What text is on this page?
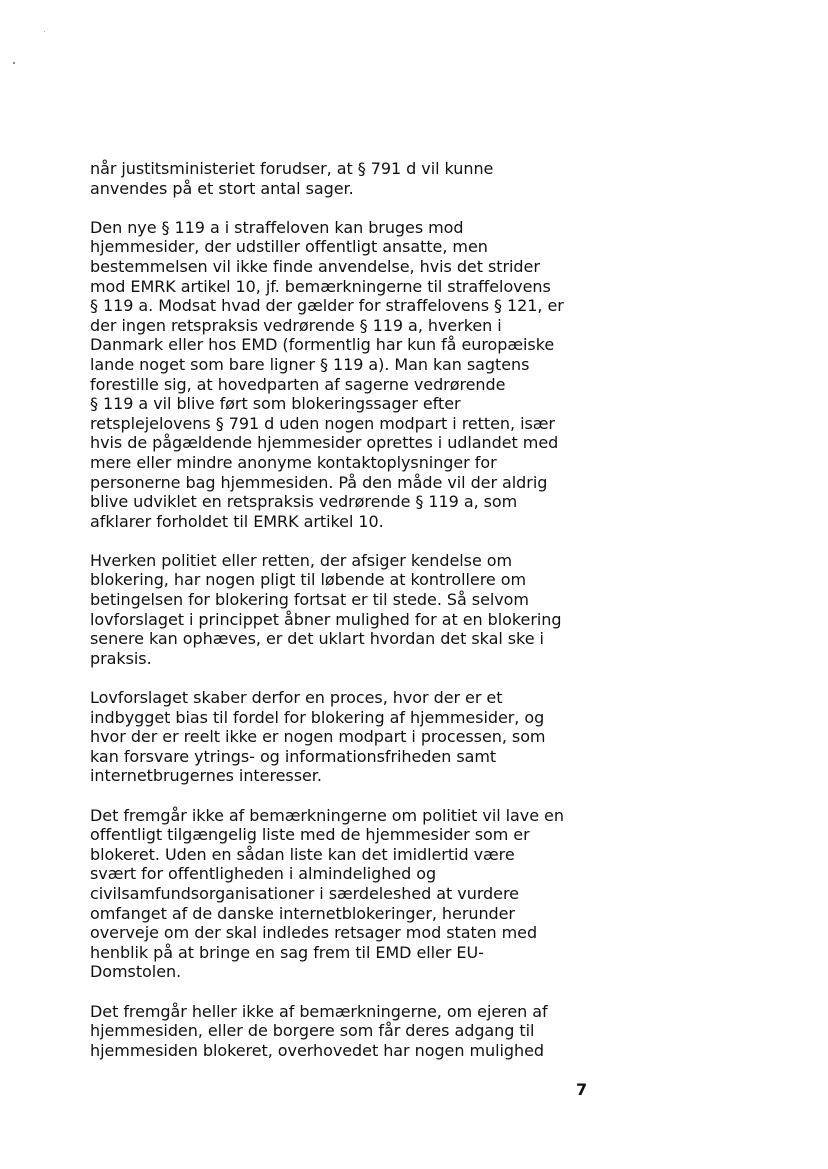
når justitsministeriet forudser, at § 791 d vil kunne
anvendes på et stort antal sager.

Den nye § 119 a i straffeloven kan bruges mod
hjemmesider, der udstiller offentligt ansatte, men
bestemmelsen vil ikke finde anvendelse, hvis det strider
mod EMRK artikel 10, jf. bemærkningerne til straffelovens
§ 119 a. Modsat hvad der gælder for straffelovens § 121, er
der ingen retspraksis vedrørende § 119 a, hverken i
Danmark eller hos EMD (formentlig har kun få europæiske
lande noget som bare ligner § 119 a). Man kan sagtens
forestille sig, at hovedparten af sagerne vedrørende
§ 119 a vil blive ført som blokeringssager efter
retsplejelovens § 791 d uden nogen modpart i retten, især
hvis de pågældende hjemmesider oprettes i udlandet med
mere eller mindre anonyme kontaktoplysninger for
personerne bag hjemmesiden. På den måde vil der aldrig
blive udviklet en retspraksis vedrørende § 119 a, som
afklarer forholdet til EMRK artikel 10.

Hverken politiet eller retten, der afsiger kendelse om
blokering, har nogen pligt til løbende at kontrollere om
betingelsen for blokering fortsat er til stede. Så selvom
lovforslaget i princippet åbner mulighed for at en blokering
senere kan ophæves, er det uklart hvordan det skal ske i
praksis.

Lovforslaget skaber derfor en proces, hvor der er et
indbygget bias til fordel for blokering af hjemmesider, og
hvor der er reelt ikke er nogen modpart i processen, som
kan forsvare ytrings- og informationsfriheden samt
internetbrugernes interesser.

Det fremgår ikke af bemærkningerne om politiet vil lave en
offentligt tilgængelig liste med de hjemmesider som er
blokeret. Uden en sådan liste kan det imidlertid være
svært for offentligheden i almindelighed og
civilsamfundsorganisationer i særdeleshed at vurdere
omfanget af de danske internetblokeringer, herunder
overveje om der skal indledes retsager mod staten med
henblik på at bringe en sag frem til EMD eller EU-
Domstolen.

Det fremgår heller ikke af bemærkningerne, om ejeren af
hjemmesiden, eller de borgere som får deres adgang til
hjemmesiden blokeret, overhovedet har nogen mulighed

7
